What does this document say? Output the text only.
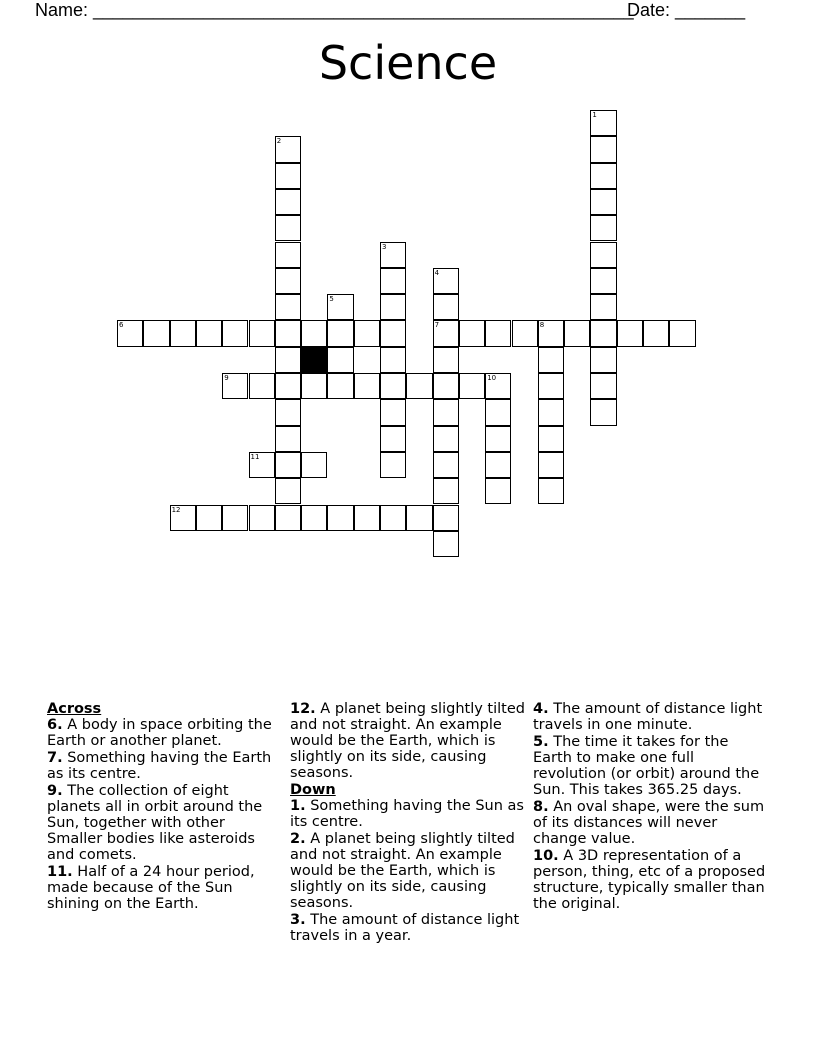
Name: ______________________________________________________
Date: _______
Science
1
2
3
4
7
5
6	8
9	10
11
12
Across
6. A body in space orbiting the Earth or another planet.
7. Something having the Earth as its centre.
9. The collection of eight planets all in orbit around the Sun, together with other Smaller bodies like asteroids and comets.
11. Half of a 24 hour period, made because of the Sun shining on the Earth.
12. A planet being slightly tilted and not straight. An example would be the Earth, which is slightly on its side, causing seasons.
Down
1. Something having the Sun as its centre.
2. A planet being slightly tilted and not straight. An example would be the Earth, which is slightly on its side, causing seasons.
3. The amount of distance light travels in a year.
4. The amount of distance light travels in one minute.
5. The time it takes for the Earth to make one full revolution (or orbit) around the Sun. This takes 365.25 days.
8. An oval shape, were the sum of its distances will never change value.
10. A 3D representation of a person, thing, etc of a proposed structure, typically smaller than the original.
